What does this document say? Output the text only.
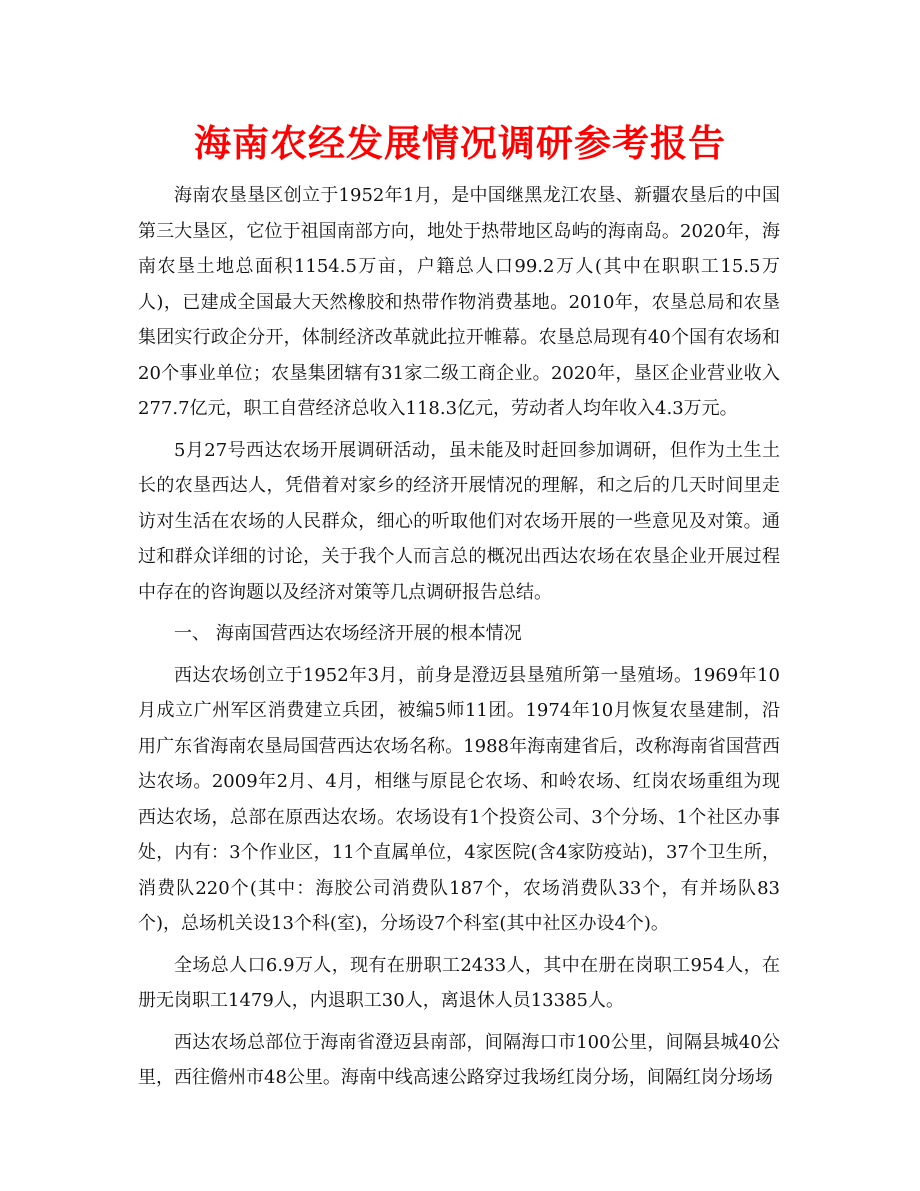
海南农经发展情况调研参考报告

海南农垦垦区创立于1952年1月，是中国继黑龙江农垦、新疆农垦后的中国第三大垦区，它位于祖国南部方向，地处于热带地区岛屿的海南岛。2020年，海南农垦土地总面积1154.5万亩，户籍总人口99.2万人(其中在职职工15.5万人)，已建成全国最大天然橡胶和热带作物消费基地。2010年，农垦总局和农垦集团实行政企分开，体制经济改革就此拉开帷幕。农垦总局现有40个国有农场和20个事业单位；农垦集团辖有31家二级工商企业。2020年，垦区企业营业收入277.7亿元，职工自营经济总收入118.3亿元，劳动者人均年收入4.3万元。

5月27号西达农场开展调研活动，虽未能及时赶回参加调研，但作为土生土长的农垦西达人，凭借着对家乡的经济开展情况的理解，和之后的几天时间里走访对生活在农场的人民群众，细心的听取他们对农场开展的一些意见及对策。通过和群众详细的讨论，关于我个人而言总的概况出西达农场在农垦企业开展过程中存在的咨询题以及经济对策等几点调研报告总结。

一、 海南国营西达农场经济开展的根本情况

西达农场创立于1952年3月，前身是澄迈县垦殖所第一垦殖场。1969年10月成立广州军区消费建立兵团，被编5师11团。1974年10月恢复农垦建制，沿用广东省海南农垦局国营西达农场名称。1988年海南建省后，改称海南省国营西达农场。2009年2月、4月，相继与原昆仑农场、和岭农场、红岗农场重组为现西达农场，总部在原西达农场。农场设有1个投资公司、3个分场、1个社区办事处，内有：3个作业区，11个直属单位，4家医院(含4家防疫站)，37个卫生所，消费队220个(其中：海胶公司消费队187个，农场消费队33个，有并场队83个)，总场机关设13个科(室)，分场设7个科室(其中社区办设4个)。

全场总人口6.9万人，现有在册职工2433人，其中在册在岗职工954人，在册无岗职工1479人，内退职工30人，离退休人员13385人。

西达农场总部位于海南省澄迈县南部，间隔海口市100公里，间隔县城40公里，西往儋州市48公里。海南中线高速公路穿过我场红岗分场，间隔红岗分场场
